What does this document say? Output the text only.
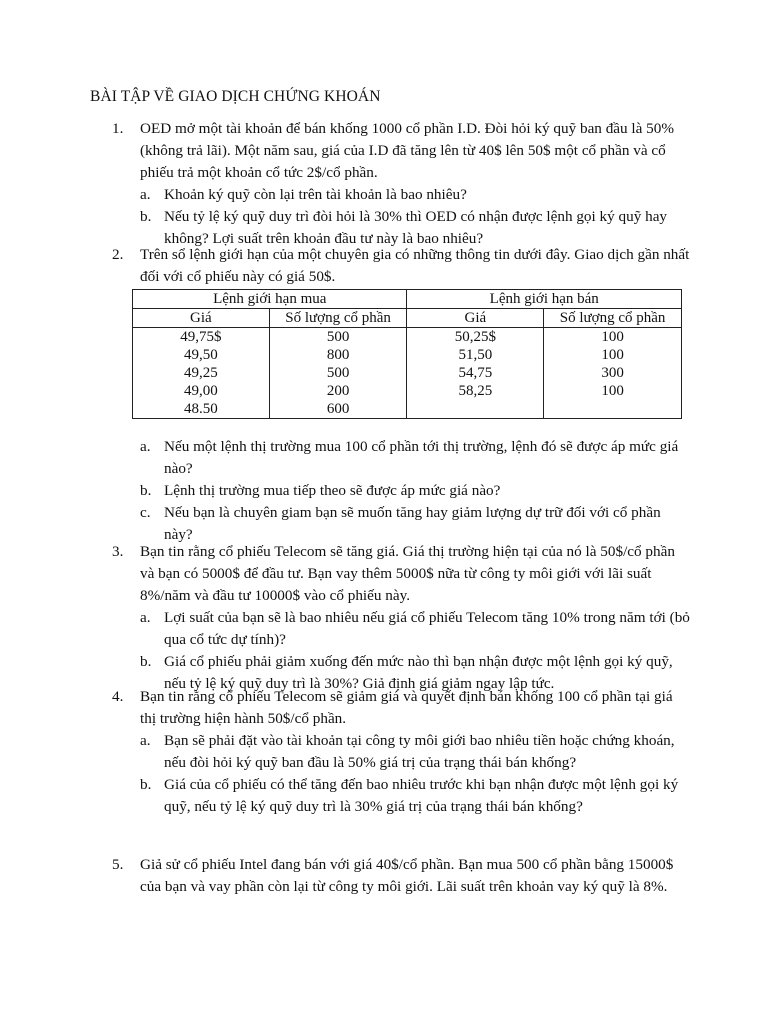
BÀI TẬP VỀ GIAO DỊCH CHỨNG KHOÁN
1. OED mở một tài khoản để bán khống 1000 cổ phần I.D. Đòi hỏi ký quỹ ban đầu là 50% (không trả lãi). Một năm sau, giá của I.D đã tăng lên từ 40$ lên 50$ một cổ phần và cổ phiếu trả một khoản cổ tức 2$/cổ phần.
a. Khoản ký quỹ còn lại trên tài khoản là bao nhiêu?
b. Nếu tỷ lệ ký quỹ duy trì đòi hỏi là 30% thì OED có nhận được lệnh gọi ký quỹ hay không? Lợi suất trên khoản đầu tư này là bao nhiêu?
2. Trên sổ lệnh giới hạn của một chuyên gia có những thông tin dưới đây. Giao dịch gần nhất đối với cổ phiếu này có giá 50$.
Lệnh giới hạn mua		Lệnh giới hạn bán	
Giá	Số lượng cổ phần	Giá	Số lượng cổ phần
49,75$	500	50,25$	100
49,50	800	51,50	100
49,25	500	54,75	300
49,00	200	58,25	100
48.50	600		
a. Nếu một lệnh thị trường mua 100 cổ phần tới thị trường, lệnh đó sẽ được áp mức giá nào?
b. Lệnh thị trường mua tiếp theo sẽ được áp mức giá nào?
c. Nếu bạn là chuyên giam bạn sẽ muốn tăng hay giảm lượng dự trữ đối với cổ phần này?
3. Bạn tin rằng cổ phiếu Telecom sẽ tăng giá. Giá thị trường hiện tại của nó là 50$/cổ phần và bạn có 5000$ để đầu tư. Bạn vay thêm 5000$ nữa từ công ty môi giới với lãi suất 8%/năm và đầu tư 10000$ vào cổ phiếu này.
a. Lợi suất của bạn sẽ là bao nhiêu nếu giá cổ phiếu Telecom tăng 10% trong năm tới (bỏ qua cổ tức dự tính)?
b. Giá cổ phiếu phải giảm xuống đến mức nào thì bạn nhận được một lệnh gọi ký quỹ, nếu tỷ lệ ký quỹ duy trì là 30%? Giả định giá giảm ngay lập tức.
4. Bạn tin rằng cổ phiếu Telecom sẽ giảm giá và quyết định bán khống 100 cổ phần tại giá thị trường hiện hành 50$/cổ phần.
a. Bạn sẽ phải đặt vào tài khoản tại công ty môi giới bao nhiêu tiền hoặc chứng khoán, nếu đòi hỏi ký quỹ ban đầu là 50% giá trị của trạng thái bán khống?
b. Giá của cổ phiếu có thể tăng đến bao nhiêu trước khi bạn nhận được một lệnh gọi ký quỹ, nếu tỷ lệ ký quỹ duy trì là 30% giá trị của trạng thái bán khống?
5. Giả sử cổ phiếu Intel đang bán với giá 40$/cổ phần. Bạn mua 500 cổ phần bằng 15000$ của bạn và vay phần còn lại từ công ty môi giới. Lãi suất trên khoản vay ký quỹ là 8%.
